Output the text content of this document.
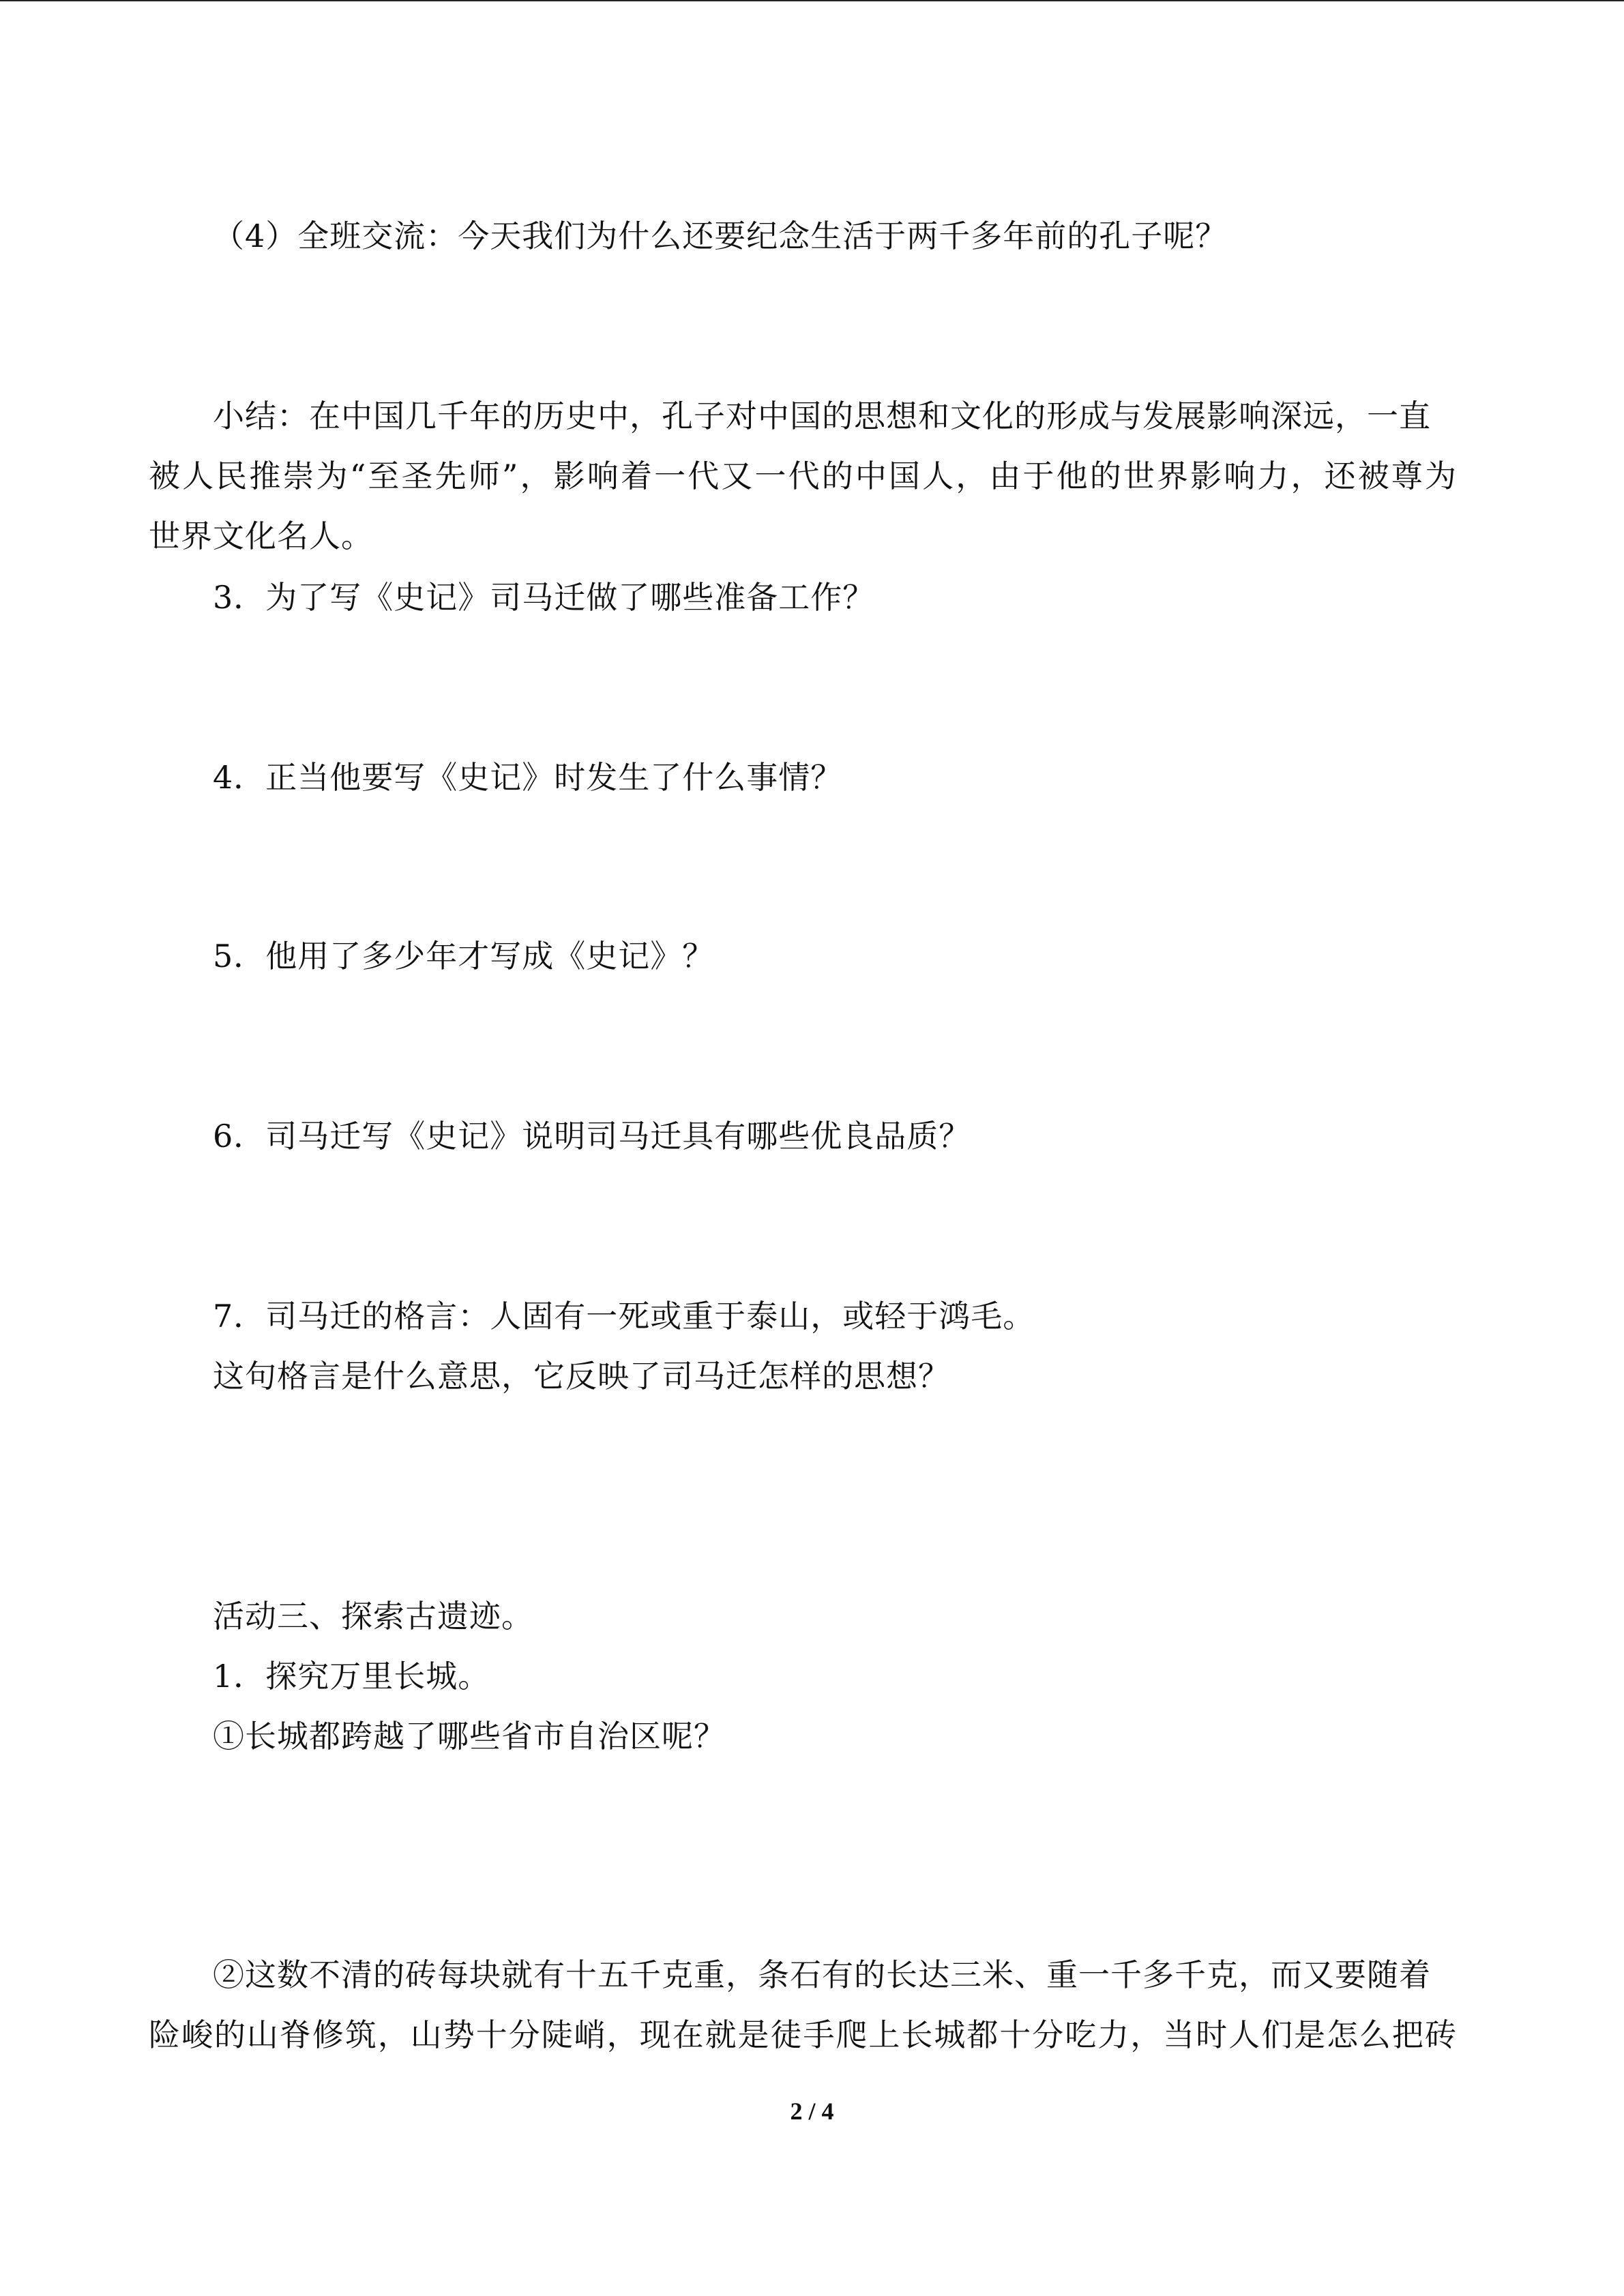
（4）全班交流：今天我们为什么还要纪念生活于两千多年前的孔子呢？

小结：在中国几千年的历史中，孔子对中国的思想和文化的形成与发展影响深远，一直

被人民推崇为“至圣先师”，影响着一代又一代的中国人，由于他的世界影响力，还被尊为

世界文化名人。

3．为了写《史记》司马迁做了哪些准备工作？

4．正当他要写《史记》时发生了什么事情？

5．他用了多少年才写成《史记》？

6．司马迁写《史记》说明司马迁具有哪些优良品质？

7．司马迁的格言：人固有一死或重于泰山，或轻于鸿毛。

这句格言是什么意思，它反映了司马迁怎样的思想？

活动三、探索古遗迹。

1．探究万里长城。

①长城都跨越了哪些省市自治区呢？

②这数不清的砖每块就有十五千克重，条石有的长达三米、重一千多千克，而又要随着

险峻的山脊修筑，山势十分陡峭，现在就是徒手爬上长城都十分吃力，当时人们是怎么把砖

2 / 4
